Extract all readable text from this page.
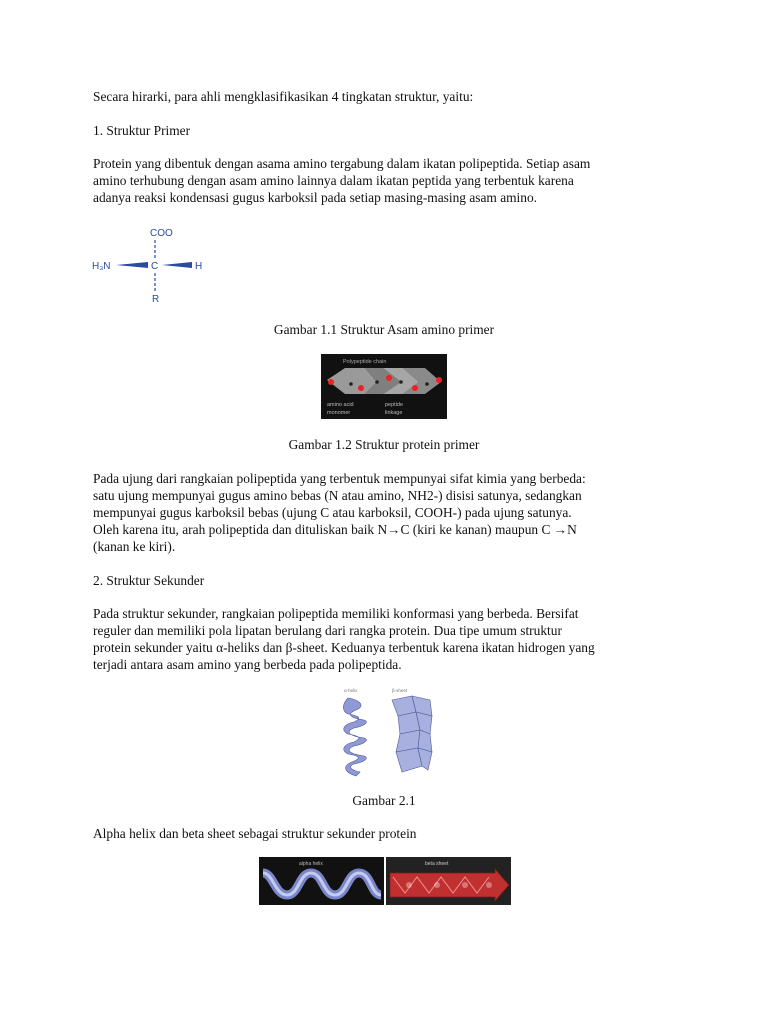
Secara hirarki, para ahli mengklasifikasikan 4 tingkatan struktur, yaitu:

1. Struktur Primer

Protein yang dibentuk dengan asama amino tergabung dalam ikatan polipeptida. Setiap asam

amino terhubung dengan asam amino lainnya dalam ikatan peptida yang terbentuk karena

adanya reaksi kondensasi gugus karboksil pada setiap masing-masing asam amino.

COO
H₃N	C	H
R

Gambar 1.1 Struktur Asam amino primer

Polypeptide chain
amino acid
monomer
peptide
linkage

Gambar 1.2 Struktur protein primer

Pada ujung dari rangkaian polipeptida yang terbentuk mempunyai sifat kimia yang berbeda:

satu ujung mempunyai gugus amino bebas (N atau amino, NH2-) disisi satunya, sedangkan

mempunyai gugus karboksil bebas (ujung C atau karboksil, COOH-) pada ujung satunya.

Oleh karena itu, arah polipeptida dan dituliskan baik N→C (kiri ke kanan) maupun C →N

(kanan ke kiri).

2. Struktur Sekunder

Pada struktur sekunder, rangkaian polipeptida memiliki konformasi yang berbeda. Bersifat

reguler dan memiliki pola lipatan berulang dari rangka protein. Dua tipe umum struktur

protein sekunder yaitu α-heliks dan β-sheet. Keduanya terbentuk karena ikatan hidrogen yang

terjadi antara asam amino yang berbeda pada polipeptida.

α-helix	β-sheet

Gambar 2.1

Alpha helix dan beta sheet sebagai struktur sekunder protein

alpha helix	beta sheet
